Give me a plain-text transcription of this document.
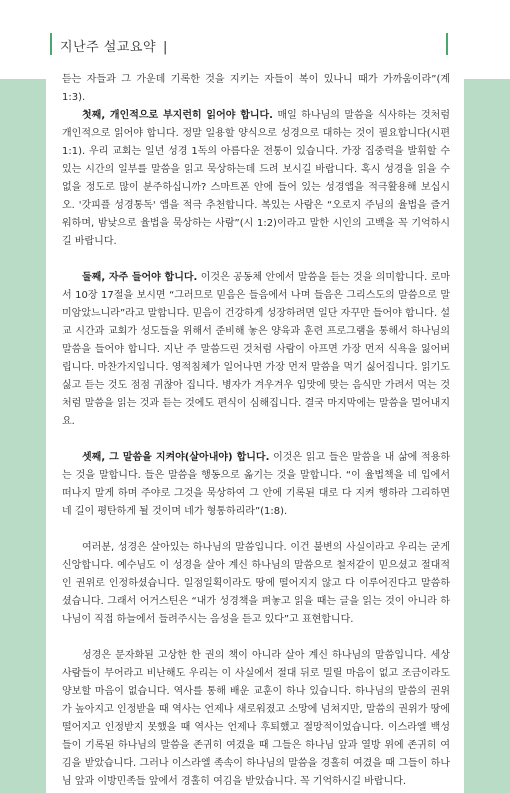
지난주 설교요약 |

듣는 자들과 그 가운데 기록한 것을 지키는 자들이 복이 있나니 때가 가까움이라”(계 1:3).

첫째, 개인적으로 부지런히 읽어야 합니다. 매일 하나님의 말씀을 식사하는 것처럼 개인적으로 읽어야 합니다. 정말 일용할 양식으로 성경으로 대하는 것이 필요합니다(시편 1:1). 우리 교회는 일년 성경 1독의 아름다운 전통이 있습니다. 가장 집중력을 발휘할 수 있는 시간의 일부를 말씀을 읽고 묵상하는데 드려 보시길 바랍니다. 혹시 성경을 읽을 수 없을 정도로 많이 분주하십니까? 스마트폰 안에 들어 있는 성경앱을 적극활용해 보십시오. '갓피플 성경통독' 앱을 적극 추천합니다. 복있는 사람은 “오로지 주님의 율법을 즐거워하며, 밤낮으로 율법을 묵상하는 사람”(시 1:2)이라고 말한 시인의 고백을 꼭 기억하시길 바랍니다.

둘째, 자주 들어야 합니다. 이것은 공동체 안에서 말씀을 듣는 것을 의미합니다. 로마서 10장 17절을 보시면 “그러므로 믿음은 들음에서 나며 들음은 그리스도의 말씀으로 말미암았느니라”라고 말합니다. 믿음이 건강하게 성장하려면 일단 자꾸만 들어야 합니다. 설교 시간과 교회가 성도들을 위해서 준비해 놓은 양육과 훈련 프로그램을 통해서 하나님의 말씀을 들어야 합니다. 지난 주 말씀드린 것처럼 사람이 아프면 가장 먼저 식욕을 잃어버립니다. 마찬가지입니다. 영적침체가 일어나면 가장 먼저 말씀을 먹기 싫어집니다. 읽기도 싫고 듣는 것도 점점 귀찮아 집니다. 병자가 겨우겨우 입맛에 맞는 음식만 가려서 먹는 것처럼 말씀을 읽는 것과 듣는 것에도 편식이 심해집니다. 결국 마지막에는 말씀을 멀어내지요.

셋째, 그 말씀을 지켜야(살아내야) 합니다. 이것은 읽고 들은 말씀을 내 삶에 적용하는 것을 말합니다. 들은 말씀을 행동으로 옮기는 것을 말합니다. “이 율법책을 네 입에서 떠나지 말게 하며 주야로 그것을 묵상하여 그 안에 기록된 대로 다 지켜 행하라 그리하면 네 길이 평탄하게 될 것이며 네가 형통하리라”(1:8).

여러분, 성경은 살아있는 하나님의 말씀입니다. 이건 불변의 사실이라고 우리는 굳게 신앙합니다. 예수님도 이 성경을 살아 계신 하나님의 말씀으로 철저같이 믿으셨고 절대적인 권위로 인정하셨습니다. 일점일획이라도 땅에 떨어지지 않고 다 이루어진다고 말씀하셨습니다. 그래서 어거스틴은 “내가 성경책을 펴놓고 읽을 때는 글을 읽는 것이 아니라 하나님이 직접 하늘에서 들려주시는 음성을 듣고 있다”고 표현합니다.

성경은 문자화된 고상한 한 권의 책이 아니라 살아 계신 하나님의 말씀입니다. 세상 사람들이 무어라고 비난해도 우리는 이 사실에서 절대 뒤로 밀릴 마음이 없고 조금이라도 양보할 마음이 없습니다. 역사를 통해 배운 교훈이 하나 있습니다. 하나님의 말씀의 권위가 높아지고 인정받을 때 역사는 언제나 새로워졌고 소망에 넘쳐지만, 말씀의 권위가 땅에 떨어지고 인정받지 못했을 때 역사는 언제나 후퇴했고 절망적이었습니다. 이스라엘 백성들이 기록된 하나님의 말씀을 존귀히 여겼을 때 그들은 하나님 앞과 열방 위에 존귀히 여김을 받았습니다. 그러나 이스라엘 족속이 하나님의 말씀을 경홀히 여겼을 때 그들이 하나님 앞과 이방민족들 앞에서 경홀히 여김을 받았습니다. 꼭 기억하시길 바랍니다.
